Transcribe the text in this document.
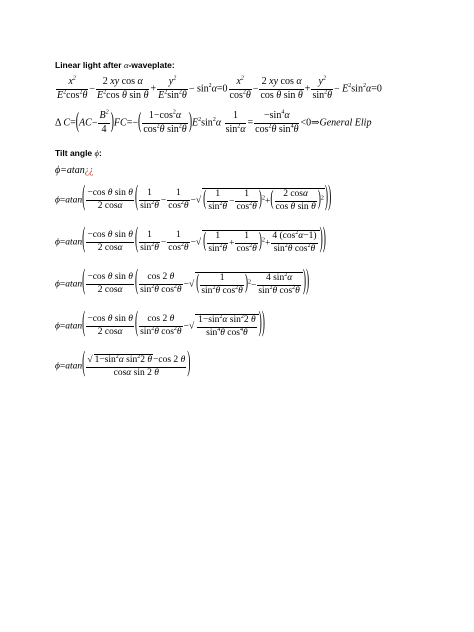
Linear light after α-waveplate:
$\frac{x^2}{E^2\cos^2\theta} - \frac{\text{2 xy cos α}}{E^2\cos \theta \sin \theta} + \frac{y^2}{E^2\sin^2\theta} - \sin^2\alpha=0 \frac{x^2}{\cos^2\theta} - \frac{\text{2 xy cos α}}{\text{cos θ sin θ}} + \frac{y^2}{\sin^2\theta} - E^2\sin^2\alpha=0$
Δ $C=(AC- \frac{B^2}{4} )FC=-( \frac{1-\cos^2\alpha}{\cos^2\theta \sin^2\theta} )E^2\sin^2\alpha \frac{1}{\sin^2\alpha} = \frac{-\sin^4\alpha}{\cos^2\theta \sin^4\theta}$ <0⇒General Elip
Tilt angle ϕ:
ϕ=atan¿¿
$\phi=atan( \frac{\text{−cos θ sin θ}}{2 \cos\alpha}$ ( $\frac{1}{\sin^2\theta} - \frac{1}{\cos^2\theta}$ −√ ( $\frac{1}{\sin^2\theta} - \frac{1}{\cos^2\theta} )^2+( \frac{2 \cos\alpha}{\text{cos θ sin θ}} )^2$))
$\phi=atan( \frac{\text{−cos θ sin θ}}{2 \cos\alpha}$ ( $\frac{1}{\sin^2\theta} - \frac{1}{\cos^2\theta}$ −√ ( $\frac{1}{\sin^2\theta} + \frac{1}{\cos^2\theta} )^2+ \frac{4 (\cos^2\alpha-1)}{\sin^2\theta \cos^2\theta}$ ))
$\phi=atan( \frac{\text{−cos θ sin θ}}{2 \cos\alpha}$ ( $\frac{\cos 2 \theta}{\sin^2\theta \cos^2\theta}$ −√ ( $\frac{1}{\sin^2\theta \cos^2\theta} )^2- \frac{4 \sin^2\alpha}{\sin^2\theta \cos^2\theta}$ ))
$\phi=atan( \frac{\text{−cos θ sin θ}}{2 \cos\alpha}$ ( $\frac{\cos 2 \theta}{\sin^2\theta \cos^2\theta}$ −√ $\frac{1-\sin^2\alpha \sin^22 \theta}{\sin^4\theta \cos^4\theta}$ ))
$\phi=atan( \frac{√ 1-\sin^2\alpha \sin^22 \theta-\cos 2 \theta}{\text{cosα sin 2 θ}}$ )
